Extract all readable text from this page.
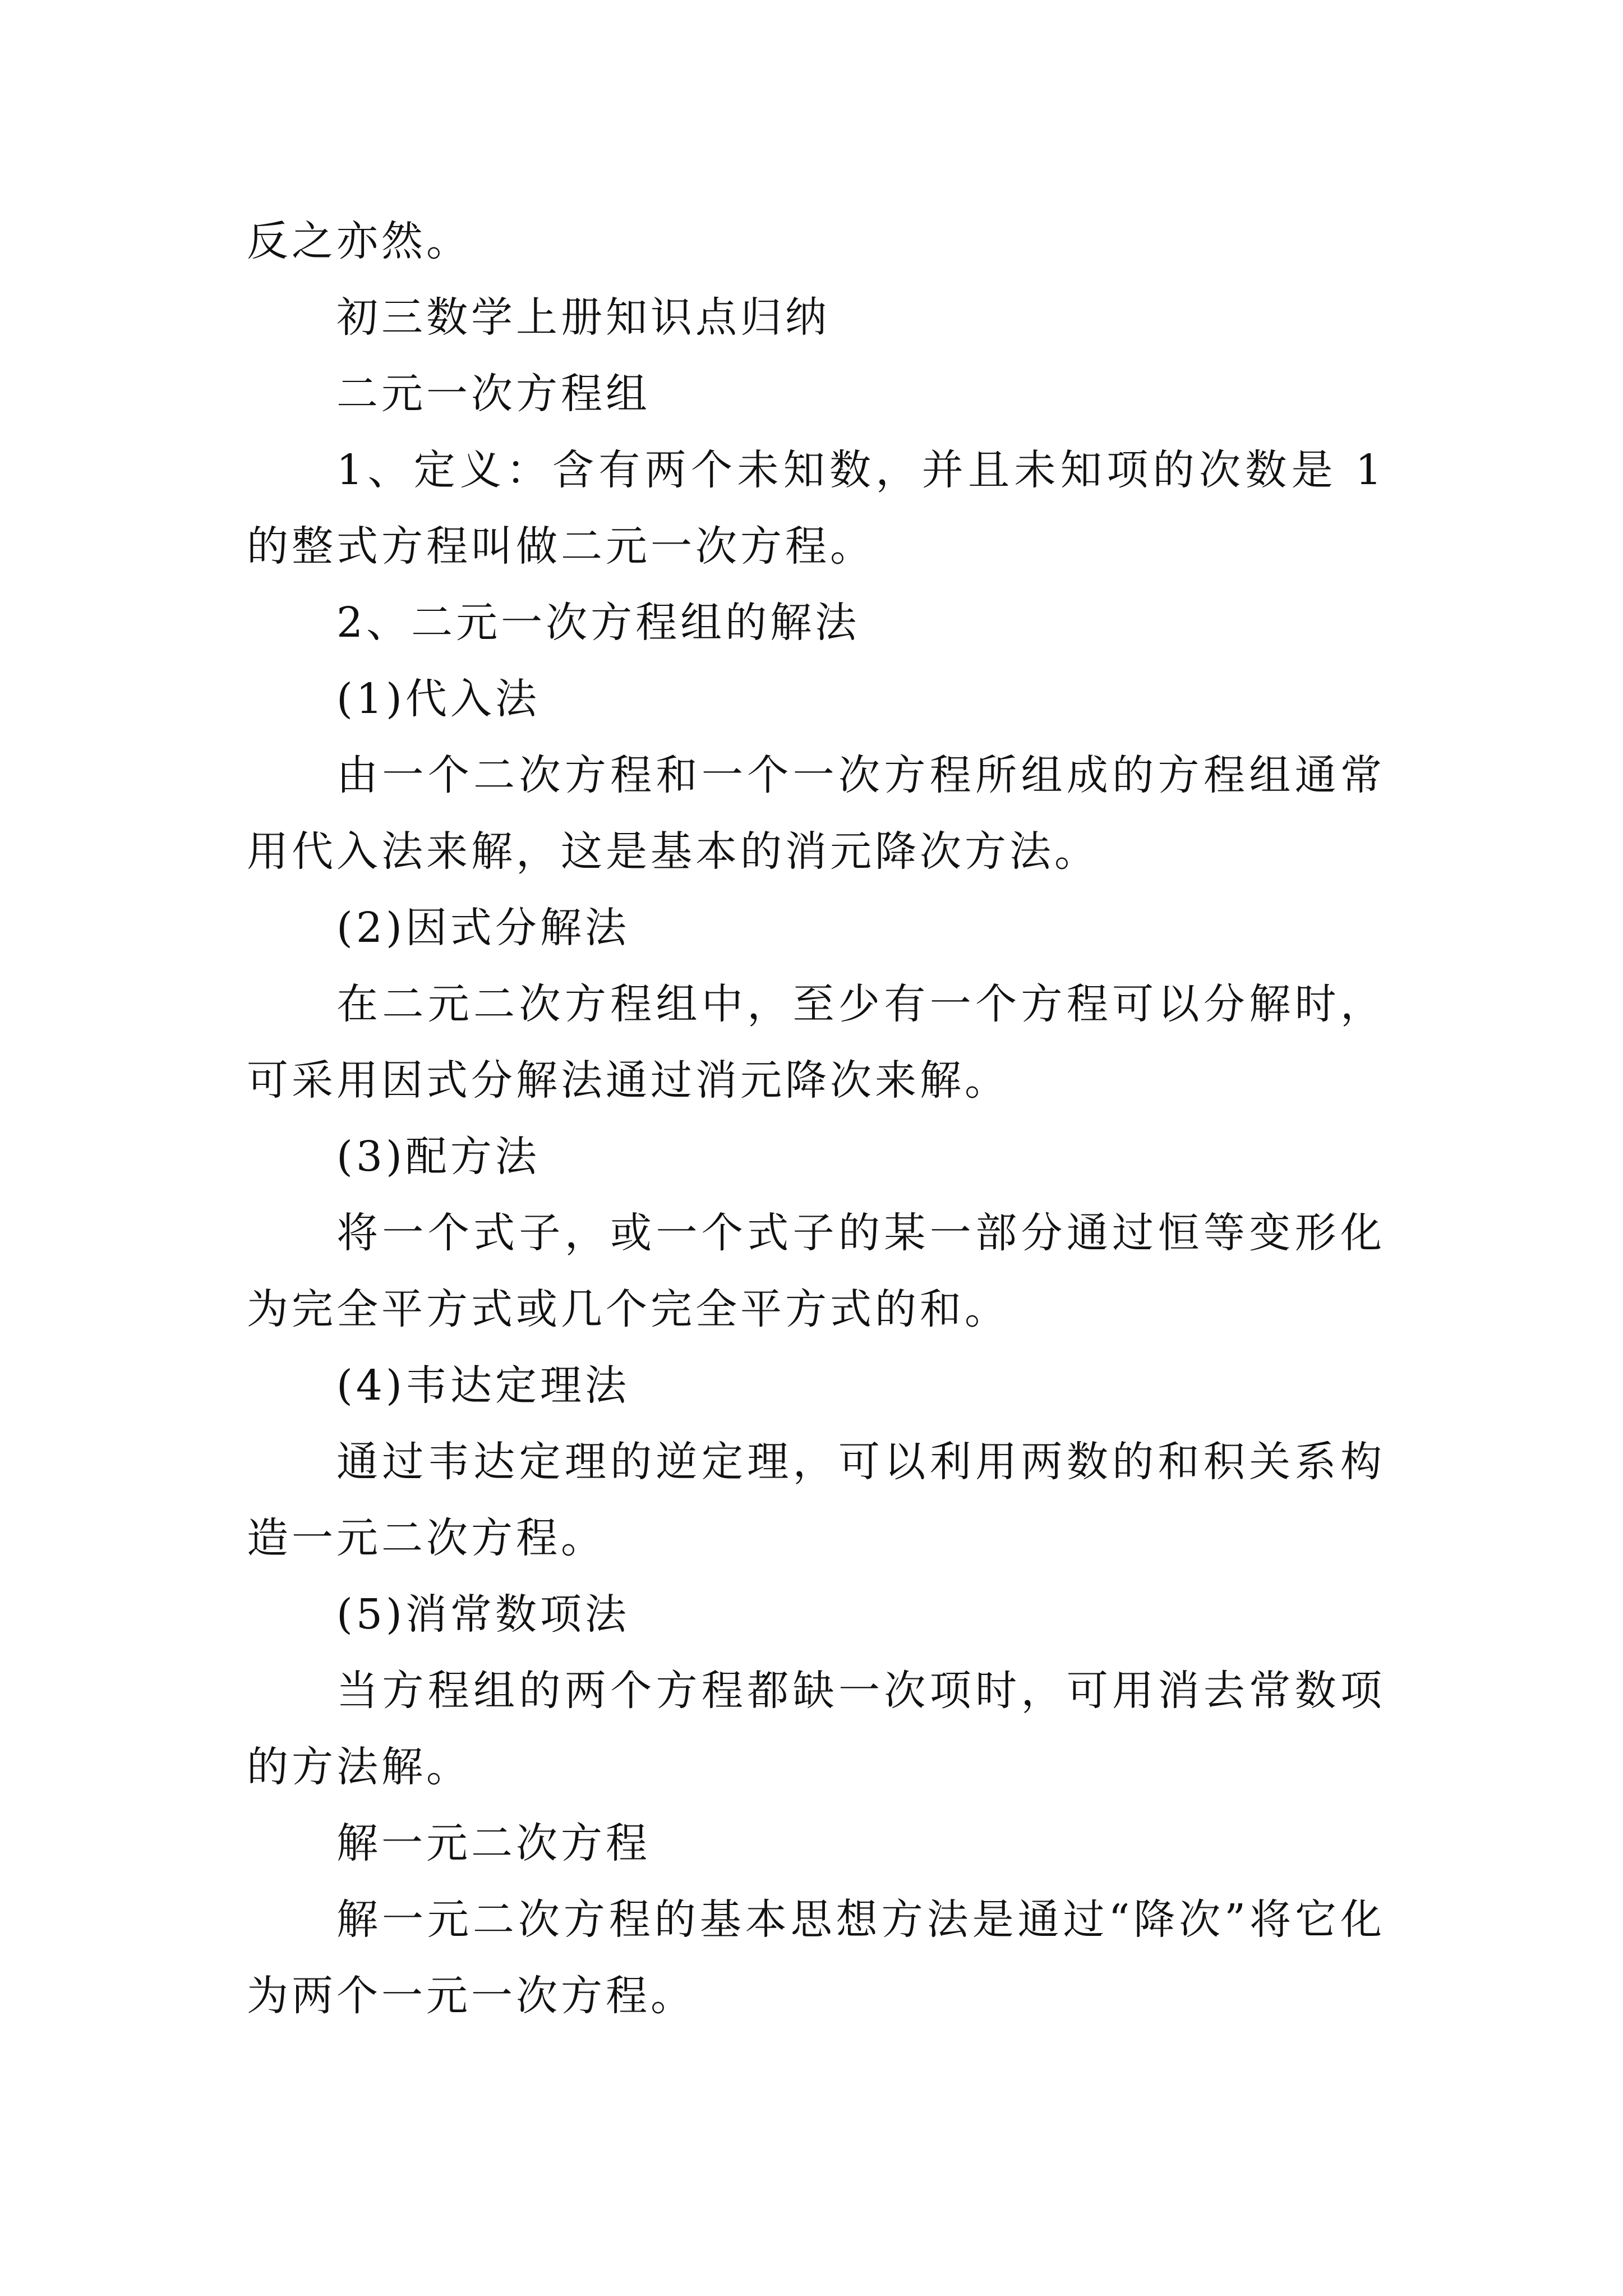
反之亦然。

初三数学上册知识点归纳

二元一次方程组

1、定义：含有两个未知数，并且未知项的次数是 1 的整式方程叫做二元一次方程。

2、二元一次方程组的解法

(1)代入法

由一个二次方程和一个一次方程所组成的方程组通常用代入法来解，这是基本的消元降次方法。

(2)因式分解法

在二元二次方程组中，至少有一个方程可以分解时，可采用因式分解法通过消元降次来解。

(3)配方法

将一个式子，或一个式子的某一部分通过恒等变形化为完全平方式或几个完全平方式的和。

(4)韦达定理法

通过韦达定理的逆定理，可以利用两数的和积关系构造一元二次方程。

(5)消常数项法

当方程组的两个方程都缺一次项时，可用消去常数项的方法解。

解一元二次方程

解一元二次方程的基本思想方法是通过“降次”将它化为两个一元一次方程。
